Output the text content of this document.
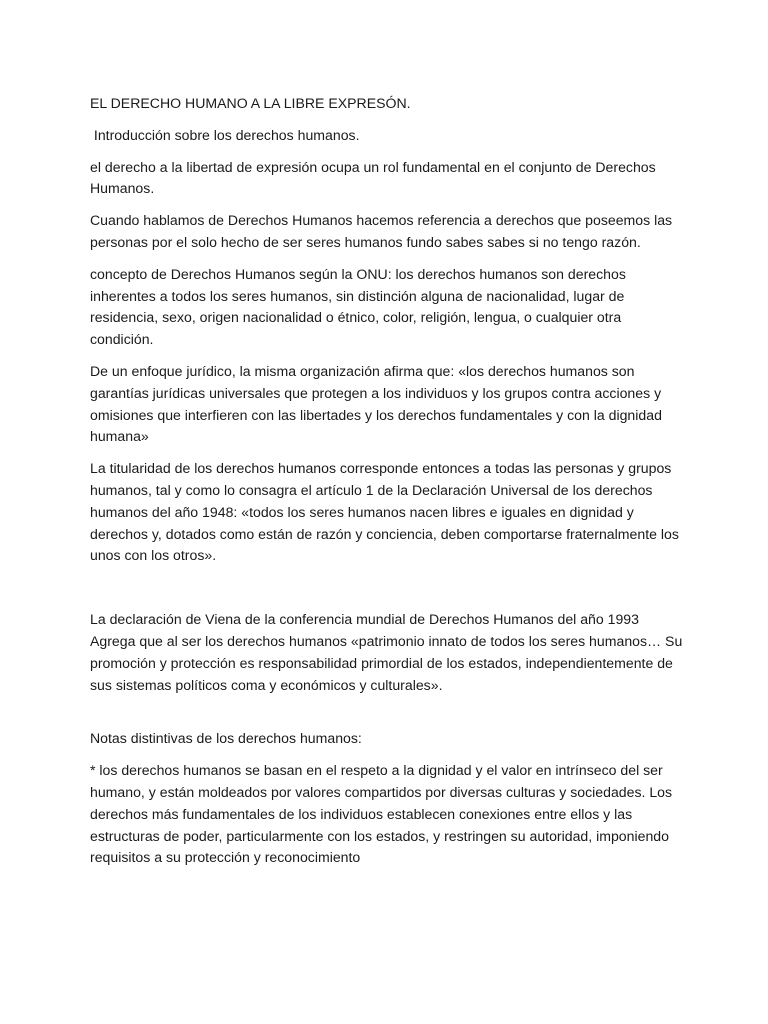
EL DERECHO HUMANO A LA LIBRE EXPRESÓN.

Introducción sobre los derechos humanos.

el derecho a la libertad de expresión ocupa un rol fundamental en el conjunto de Derechos Humanos.

Cuando hablamos de Derechos Humanos hacemos referencia a derechos que poseemos las personas por el solo hecho de ser seres humanos fundo sabes sabes si no tengo razón.

concepto de Derechos Humanos según la ONU: los derechos humanos son derechos inherentes a todos los seres humanos, sin distinción alguna de nacionalidad, lugar de residencia, sexo, origen nacionalidad o étnico, color, religión, lengua, o cualquier otra condición.

De un enfoque jurídico, la misma organización afirma que: «los derechos humanos son garantías jurídicas universales que protegen a los individuos y los grupos contra acciones y omisiones que interfieren con las libertades y los derechos fundamentales y con la dignidad humana»

La titularidad de los derechos humanos corresponde entonces a todas las personas y grupos humanos, tal y como lo consagra el artículo 1 de la Declaración Universal de los derechos humanos del año 1948: «todos los seres humanos nacen libres e iguales en dignidad y derechos y, dotados como están de razón y conciencia, deben comportarse fraternalmente los unos con los otros».

La declaración de Viena de la conferencia mundial de Derechos Humanos del año 1993 Agrega que al ser los derechos humanos «patrimonio innato de todos los seres humanos… Su promoción y protección es responsabilidad primordial de los estados, independientemente de sus sistemas políticos coma y económicos y culturales».

Notas distintivas de los derechos humanos:

* los derechos humanos se basan en el respeto a la dignidad y el valor en intrínseco del ser humano, y están moldeados por valores compartidos por diversas culturas y sociedades. Los derechos más fundamentales de los individuos establecen conexiones entre ellos y las estructuras de poder, particularmente con los estados, y restringen su autoridad, imponiendo requisitos a su protección y reconocimiento
